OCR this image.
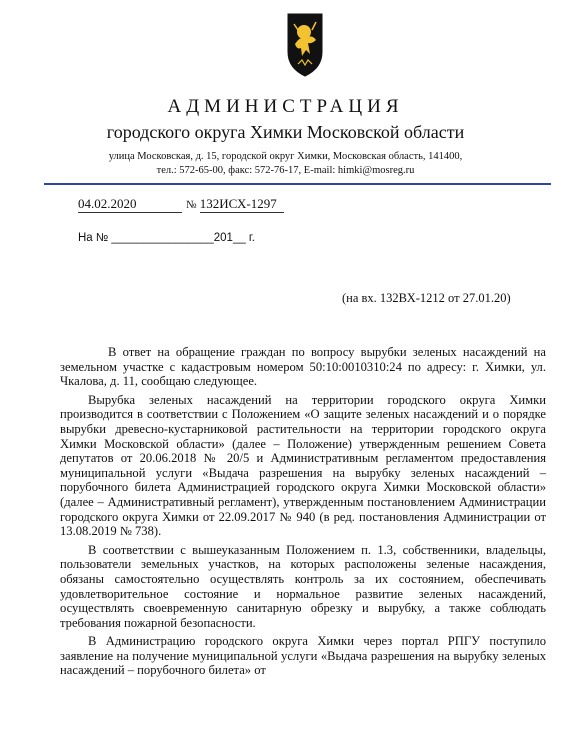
АДМИНИСТРАЦИЯ
городского округа Химки Московской области
улица Московская, д. 15, городской округ Химки, Московская область, 141400,
тел.: 572-65-00, факс: 572-76-17, E-mail: himki@mosreg.ru
04.02.2020	№ 132ИСХ-1297
На № ________________201__ г.
(на вх. 132ВХ-1212 от 27.01.20)

В ответ на обращение граждан по вопросу вырубки зеленых насаждений на земельном участке с кадастровым номером 50:10:0010310:24 по адресу: г. Химки, ул. Чкалова, д. 11, сообщаю следующее.

Вырубка зеленых насаждений на территории городского округа Химки производится в соответствии с Положением «О защите зеленых насаждений и о порядке вырубки древесно-кустарниковой растительности на территории городского округа Химки Московской области» (далее – Положение) утвержденным решением Совета депутатов от 20.06.2018 № 20/5 и Административным регламентом предоставления муниципальной услуги «Выдача разрешения на вырубку зеленых насаждений – порубочного билета Администрацией городского округа Химки Московской области» (далее – Административный регламент), утвержденным постановлением Администрации городского округа Химки от 22.09.2017 № 940 (в ред. постановления Администрации от 13.08.2019 № 738).

В соответствии с вышеуказанным Положением п. 1.3, собственники, владельцы, пользователи земельных участков, на которых расположены зеленые насаждения, обязаны самостоятельно осуществлять контроль за их состоянием, обеспечивать удовлетворительное состояние и нормальное развитие зеленых насаждений, осуществлять своевременную санитарную обрезку и вырубку, а также соблюдать требования пожарной безопасности.

В Администрацию городского округа Химки через портал РПГУ поступило заявление на получение муниципальной услуги «Выдача разрешения на вырубку зеленых насаждений – порубочного билета» от
